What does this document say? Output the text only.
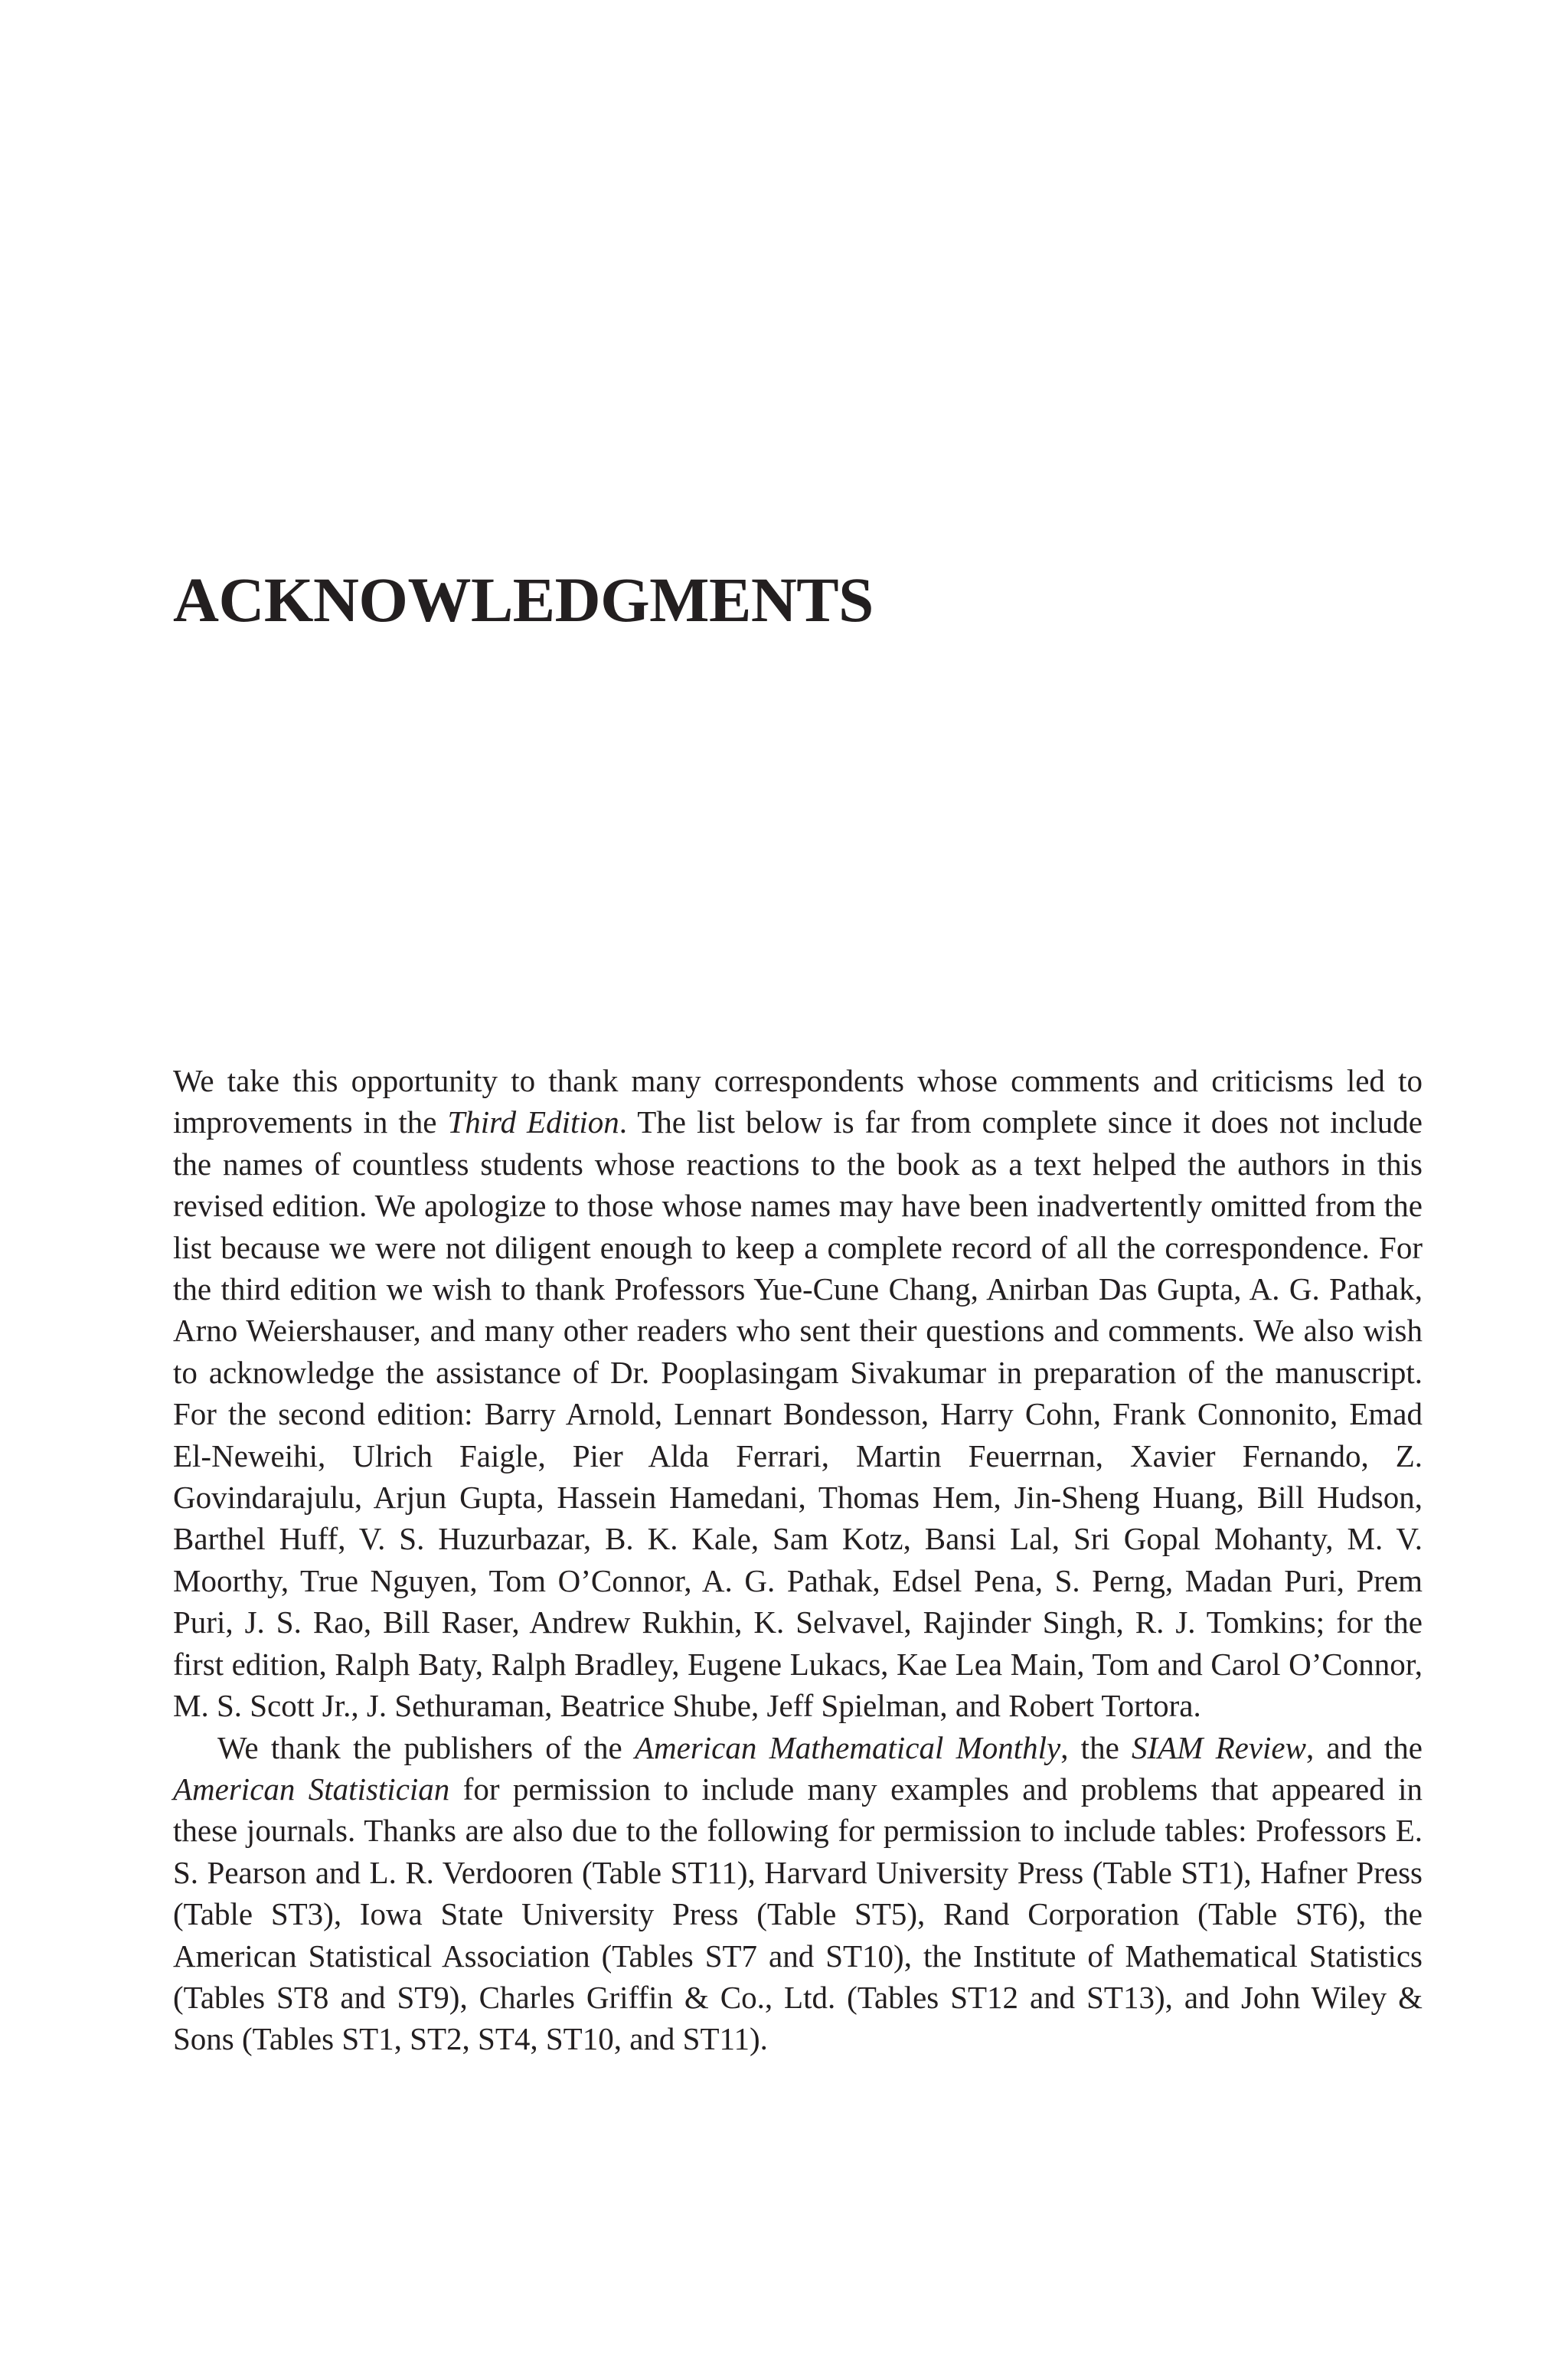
ACKNOWLEDGMENTS

We take this opportunity to thank many correspondents whose comments and criticisms led to improvements in the Third Edition. The list below is far from complete since it does not include the names of countless students whose reactions to the book as a text helped the authors in this revised edition. We apologize to those whose names may have been inadvertently omitted from the list because we were not diligent enough to keep a complete record of all the correspondence. For the third edition we wish to thank Professors Yue-Cune Chang, Anirban Das Gupta, A. G. Pathak, Arno Weiershauser, and many other readers who sent their questions and comments. We also wish to acknowledge the assistance of Dr. Pooplasingam Sivakumar in preparation of the manuscript. For the second edition: Barry Arnold, Lennart Bondesson, Harry Cohn, Frank Connonito, Emad El-Neweihi, Ulrich Faigle, Pier Alda Ferrari, Martin Feuerrnan, Xavier Fernando, Z. Govindarajulu, Arjun Gupta, Hassein Hamedani, Thomas Hem, Jin-Sheng Huang, Bill Hudson, Barthel Huff, V. S. Huzurbazar, B. K. Kale, Sam Kotz, Bansi Lal, Sri Gopal Mohanty, M. V. Moorthy, True Nguyen, Tom O’Connor, A. G. Pathak, Edsel Pena, S. Perng, Madan Puri, Prem Puri, J. S. Rao, Bill Raser, Andrew Rukhin, K. Selvavel, Rajinder Singh, R. J. Tomkins; for the first edition, Ralph Baty, Ralph Bradley, Eugene Lukacs, Kae Lea Main, Tom and Carol O’Connor, M. S. Scott Jr., J. Sethuraman, Beatrice Shube, Jeff Spielman, and Robert Tortora.

We thank the publishers of the American Mathematical Monthly, the SIAM Review, and the American Statistician for permission to include many examples and problems that appeared in these journals. Thanks are also due to the following for permission to include tables: Professors E. S. Pearson and L. R. Verdooren (Table ST11), Harvard University Press (Table ST1), Hafner Press (Table ST3), Iowa State University Press (Table ST5), Rand Corporation (Table ST6), the American Statistical Association (Tables ST7 and ST10), the Institute of Mathematical Statistics (Tables ST8 and ST9), Charles Griffin & Co., Ltd. (Tables ST12 and ST13), and John Wiley & Sons (Tables ST1, ST2, ST4, ST10, and ST11).
